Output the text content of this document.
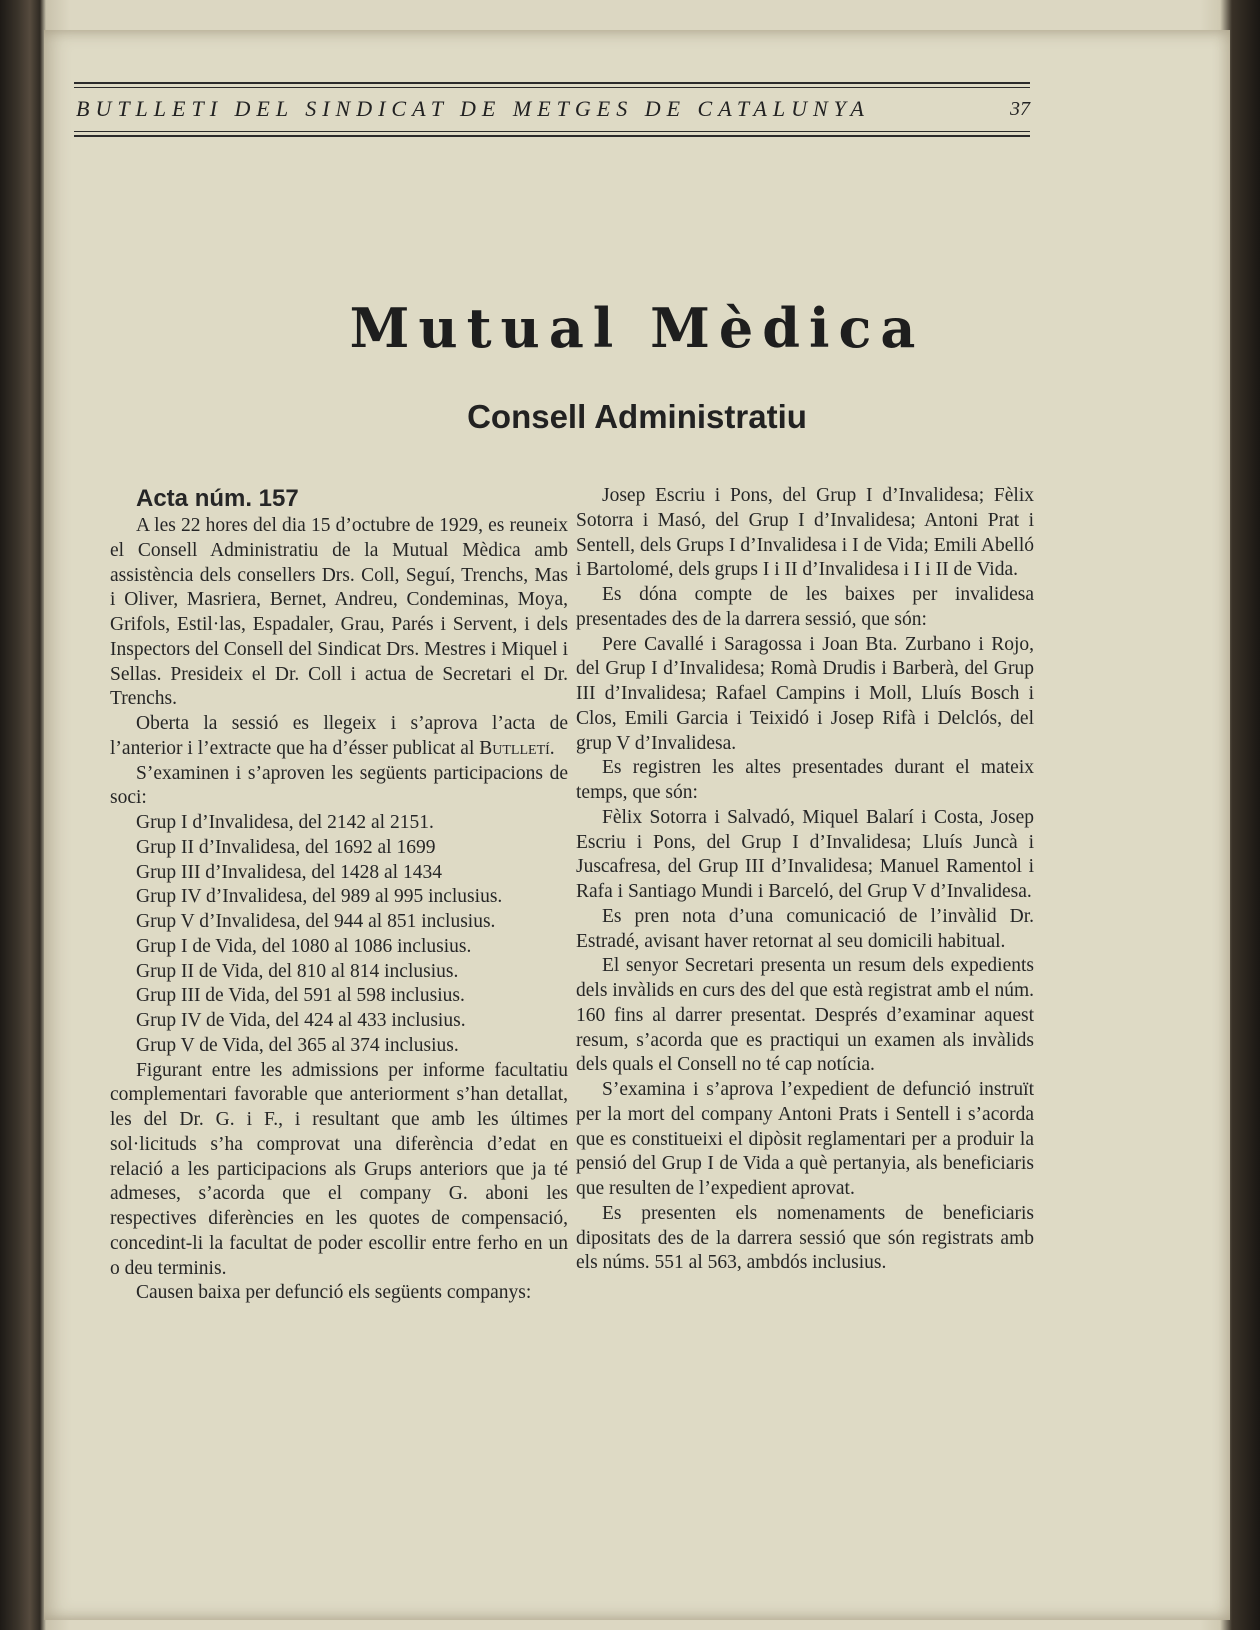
BUTLLETI DEL SINDICAT DE METGES DE CATALUNYA	37
Mutual Mèdica
Consell Administratiu

Acta núm. 157

A les 22 hores del dia 15 d’octubre de 1929, es reuneix el Consell Administratiu de la Mutual Mèdica amb assistència dels consellers Drs. Coll, Seguí, Trenchs, Mas i Oliver, Masriera, Bernet, Andreu, Condeminas, Moya, Grifols, Estil·las, Espadaler, Grau, Parés i Servent, i dels Inspectors del Consell del Sindicat Drs. Mestres i Miquel i Sellas. Presideix el Dr. Coll i actua de Secretari el Dr. Trenchs.

Oberta la sessió es llegeix i s’aprova l’acta de l’anterior i l’extracte que ha d’ésser publicat al Butlletí.

S’examinen i s’aproven les següents participacions de soci:

Grup I d’Invalidesa, del 2142 al 2151.

Grup II d’Invalidesa, del 1692 al 1699

Grup III d’Invalidesa, del 1428 al 1434

Grup IV d’Invalidesa, del 989 al 995 inclusius.

Grup V d’Invalidesa, del 944 al 851 inclusius.

Grup I de Vida, del 1080 al 1086 inclusius.

Grup II de Vida, del 810 al 814 inclusius.

Grup III de Vida, del 591 al 598 inclusius.

Grup IV de Vida, del 424 al 433 inclusius.

Grup V de Vida, del 365 al 374 inclusius.

Figurant entre les admissions per informe facultatiu complementari favorable que anteriorment s’han detallat, les del Dr. G. i F., i resultant que amb les últimes sol·licituds s’ha comprovat una diferència d’edat en relació a les participacions als Grups anteriors que ja té admeses, s’acorda que el company G. aboni les respectives diferències en les quotes de compensació, concedint-li la facultat de poder escollir entre ferho en un o deu terminis.

Causen baixa per defunció els següents companys:

Josep Escriu i Pons, del Grup I d’Invalidesa; Fèlix Sotorra i Masó, del Grup I d’Invalidesa; Antoni Prat i Sentell, dels Grups I d’Invalidesa i I de Vida; Emili Abelló i Bartolomé, dels grups I i II d’Invalidesa i I i II de Vida.

Es dóna compte de les baixes per invalidesa presentades des de la darrera sessió, que són:

Pere Cavallé i Saragossa i Joan Bta. Zurbano i Rojo, del Grup I d’Invalidesa; Romà Drudis i Barberà, del Grup III d’Invalidesa; Rafael Campins i Moll, Lluís Bosch i Clos, Emili Garcia i Teixidó i Josep Rifà i Delclós, del grup V d’Invalidesa.

Es registren les altes presentades durant el mateix temps, que són:

Fèlix Sotorra i Salvadó, Miquel Balarí i Costa, Josep Escriu i Pons, del Grup I d’Invalidesa; Lluís Juncà i Juscafresa, del Grup III d’Invalidesa; Manuel Ramentol i Rafa i Santiago Mundi i Barceló, del Grup V d’Invalidesa.

Es pren nota d’una comunicació de l’invàlid Dr. Estradé, avisant haver retornat al seu domicili habitual.

El senyor Secretari presenta un resum dels expedients dels invàlids en curs des del que està registrat amb el núm. 160 fins al darrer presentat. Després d’examinar aquest resum, s’acorda que es practiqui un examen als invàlids dels quals el Consell no té cap notícia.

S’examina i s’aprova l’expedient de defunció instruït per la mort del company Antoni Prats i Sentell i s’acorda que es constitueixi el dipòsit reglamentari per a produir la pensió del Grup I de Vida a què pertanyia, als beneficiaris que resulten de l’expedient aprovat.

Es presenten els nomenaments de beneficiaris dipositats des de la darrera sessió que són registrats amb els núms. 551 al 563, ambdós inclusius.
